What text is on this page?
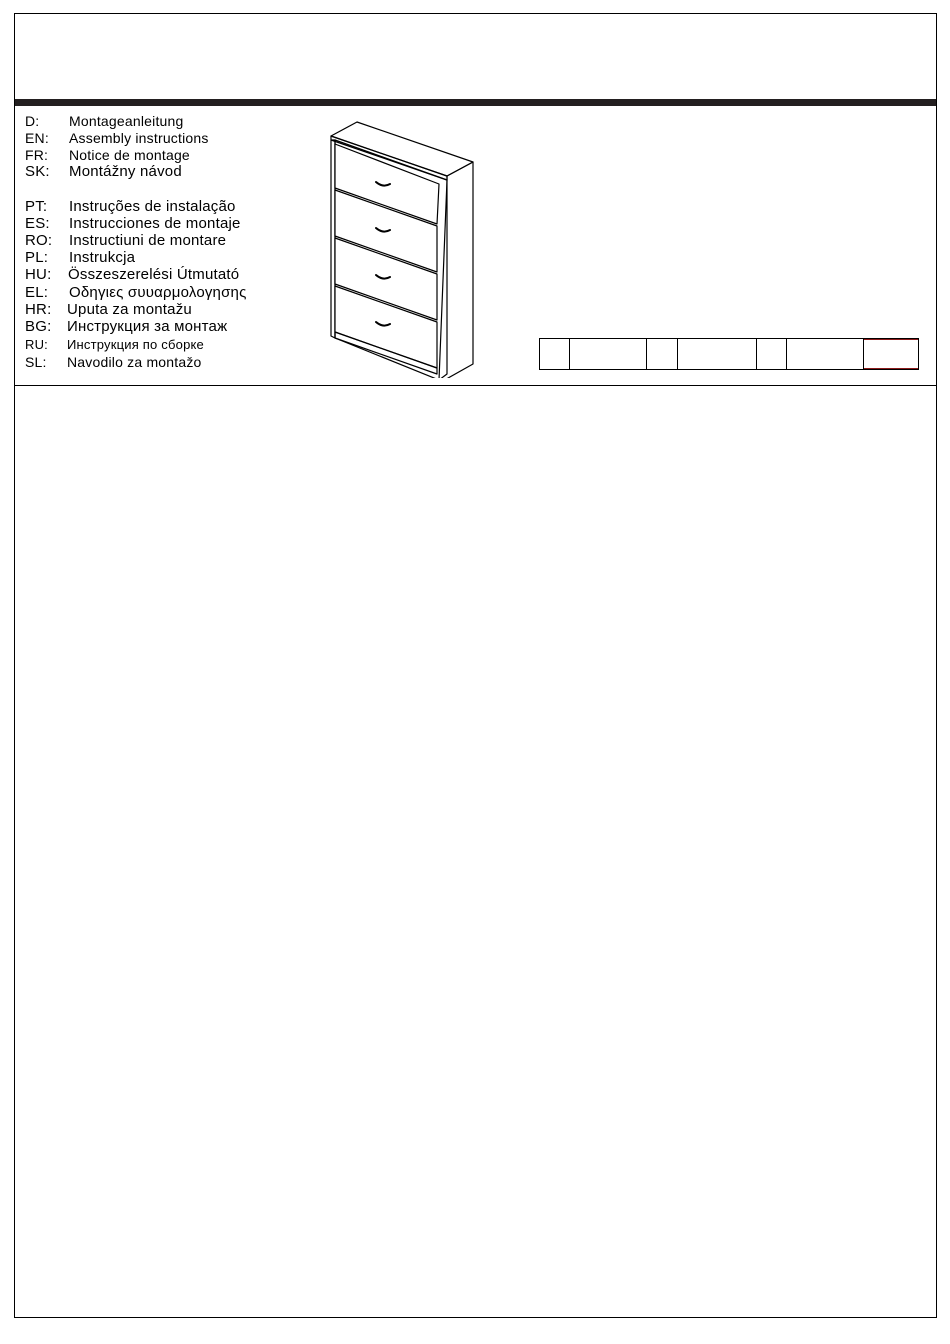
D: Montageanleitung
EN: Assembly instructions
FR: Notice de montage
SK: Montážny návod
PT: Instruções de instalação
ES: Instrucciones de montaje
RO: Instructiuni de montare
PL: Instrukcja
HU: Összeszerelési Útmutató
EL: Οδηγιες συυαρμολογησης
HR: Uputa za montažu
BG: Инструкция за монтаж
RU: Инструкция по сборке
SL: Navodilo za montažo
